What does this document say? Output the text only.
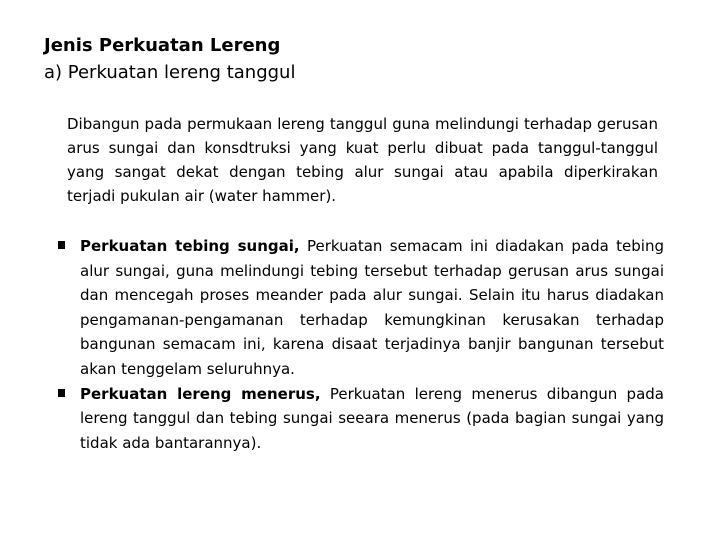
Jenis Perkuatan Lereng
a) Perkuatan lereng tanggul

Dibangun pada permukaan lereng tanggul guna melindungi terhadap gerusan arus sungai dan konsdtruksi yang kuat perlu dibuat pada tanggul-tanggul yang sangat dekat dengan tebing alur sungai atau apabila diperkirakan terjadi pukulan air (water hammer).

Perkuatan tebing sungai, Perkuatan semacam ini diadakan pada tebing alur sungai, guna melindungi tebing tersebut terhadap gerusan arus sungai dan mencegah proses meander pada alur sungai. Selain itu harus diadakan pengamanan-pengamanan terhadap kemungkinan kerusakan terhadap bangunan semacam ini, karena disaat terjadinya banjir bangunan tersebut akan tenggelam seluruhnya.
Perkuatan lereng menerus, Perkuatan lereng menerus dibangun pada lereng tanggul dan tebing sungai seeara menerus (pada bagian sungai yang tidak ada bantarannya).
